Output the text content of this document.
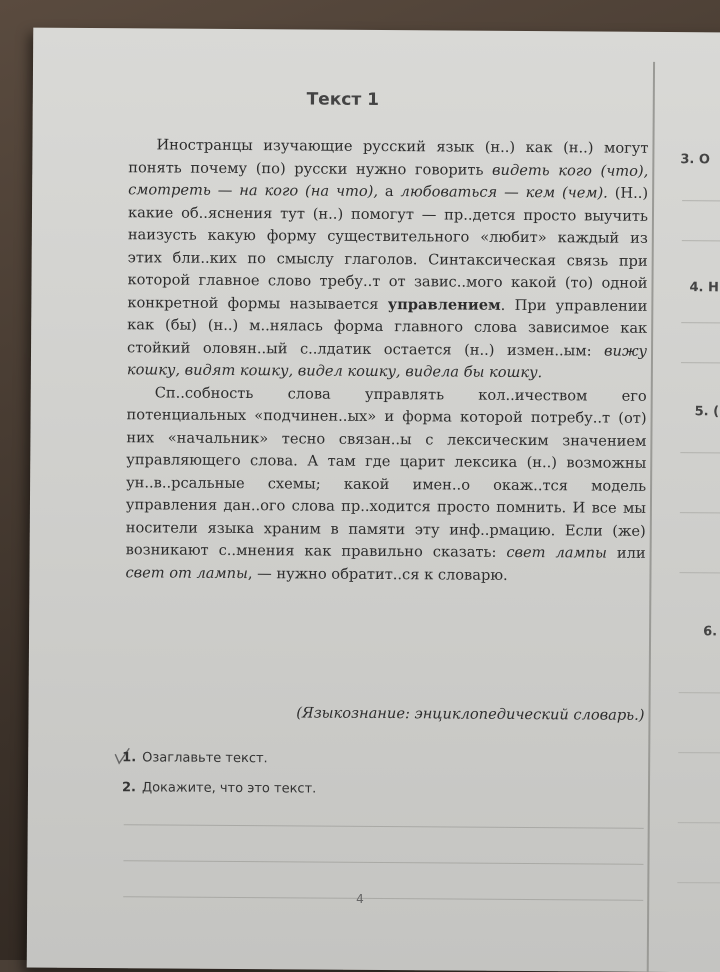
3. О
4. Н
5. (
6.
Текст 1

Иностранцы изучающие русский язык (н..) как (н..) могут понять почему (по) русски нужно говорить видеть кого (что), смотреть — на кого (на что), а любоваться — кем (чем). (Н..) какие об..яснения тут (н..) помогут — пр..дется просто выучить наизусть какую форму существительного «любит» каждый из этих бли..ких по смыслу глаголов. Синтаксическая связь при которой главное слово требу..т от завис..мого какой (то) одной конкретной формы называется управлением. При управлении как (бы) (н..) м..нялась форма главного слова зависимое как стойкий оловян..ый с..лдатик остается (н..) измен..ым: вижу кошку, видят кошку, видел кошку, видела бы кошку.

Сп..собность слова управлять кол..ичеством его потенциальных «подчинен..ых» и форма которой потребу..т (от) них «начальник» тесно связан..ы с лексическим значением управляющего слова. А там где царит лексика (н..) возможны ун..в..рсальные схемы; какой имен..о окаж..тся модель управления дан..ого слова пр..ходится просто помнить. И все мы носители языка храним в памяти эту инф..рмацию. Если (же) возникают с..мнения как правильно сказать: свет лампы или свет от лампы, — нужно обратит..ся к словарю.

(Языкознание: энциклопедический словарь.)
1. Озаглавьте текст.
2. Докажите, что это текст.
4
